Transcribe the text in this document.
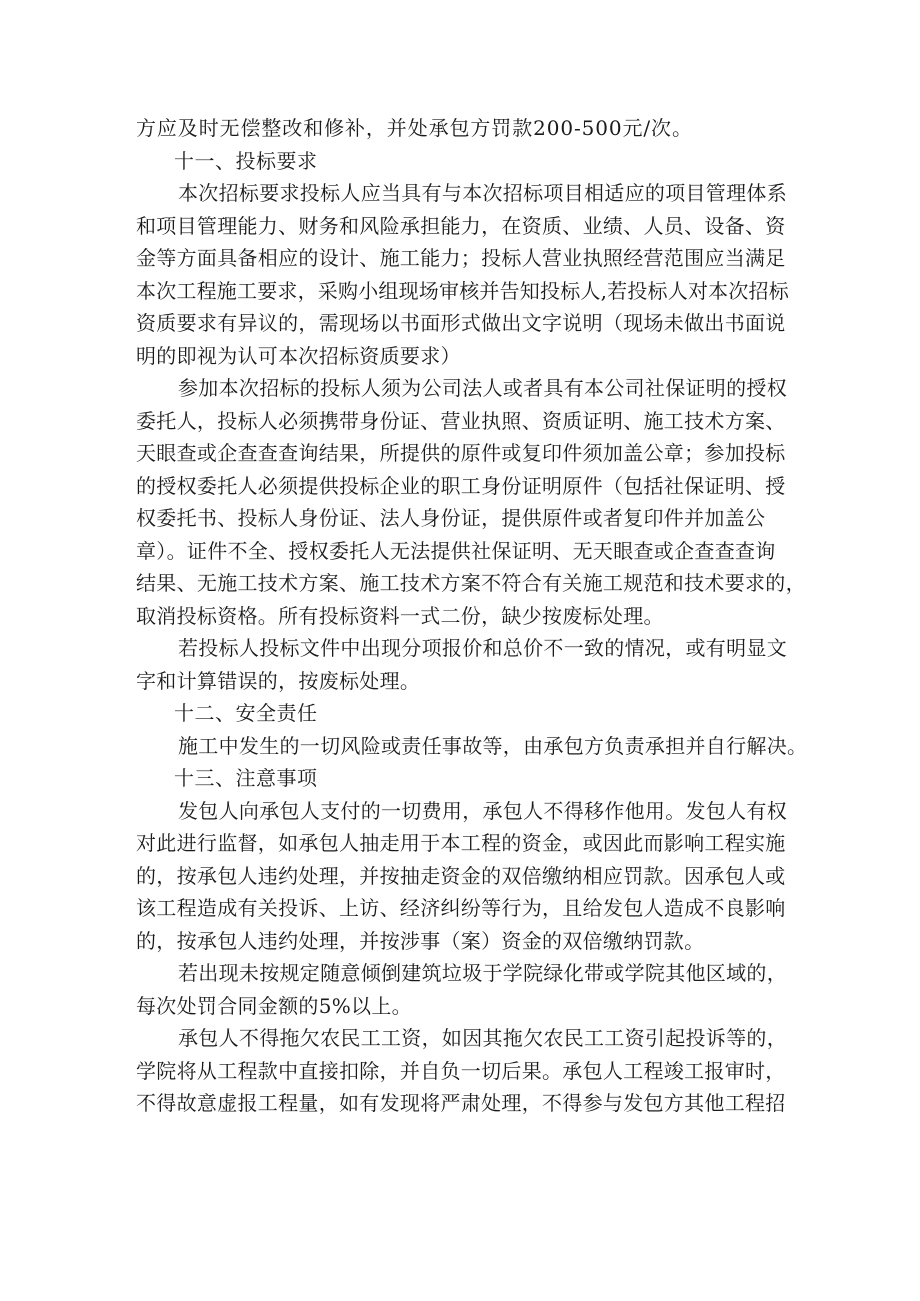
方应及时无偿整改和修补，并处承包方罚款200-500元/次。
十一、投标要求
本次招标要求投标人应当具有与本次招标项目相适应的项目管理体系
和项目管理能力、财务和风险承担能力，在资质、业绩、人员、设备、资
金等方面具备相应的设计、施工能力；投标人营业执照经营范围应当满足
本次工程施工要求，采购小组现场审核并告知投标人,若投标人对本次招标
资质要求有异议的，需现场以书面形式做出文字说明（现场未做出书面说
明的即视为认可本次招标资质要求）
参加本次招标的投标人须为公司法人或者具有本公司社保证明的授权
委托人，投标人必须携带身份证、营业执照、资质证明、施工技术方案、
天眼查或企查查查询结果，所提供的原件或复印件须加盖公章；参加投标
的授权委托人必须提供投标企业的职工身份证明原件（包括社保证明、授
权委托书、投标人身份证、法人身份证，提供原件或者复印件并加盖公
章）。证件不全、授权委托人无法提供社保证明、无天眼查或企查查查询
结果、无施工技术方案、施工技术方案不符合有关施工规范和技术要求的，
取消投标资格。所有投标资料一式二份，缺少按废标处理。
若投标人投标文件中出现分项报价和总价不一致的情况，或有明显文
字和计算错误的，按废标处理。
十二、安全责任
施工中发生的一切风险或责任事故等，由承包方负责承担并自行解决。
十三、注意事项
发包人向承包人支付的一切费用，承包人不得移作他用。发包人有权
对此进行监督，如承包人抽走用于本工程的资金，或因此而影响工程实施
的，按承包人违约处理，并按抽走资金的双倍缴纳相应罚款。因承包人或
该工程造成有关投诉、上访、经济纠纷等行为，且给发包人造成不良影响
的，按承包人违约处理，并按涉事（案）资金的双倍缴纳罚款。
若出现未按规定随意倾倒建筑垃圾于学院绿化带或学院其他区域的，
每次处罚合同金额的5%以上。
承包人不得拖欠农民工工资，如因其拖欠农民工工资引起投诉等的，
学院将从工程款中直接扣除，并自负一切后果。承包人工程竣工报审时，
不得故意虚报工程量，如有发现将严肃处理，不得参与发包方其他工程招
